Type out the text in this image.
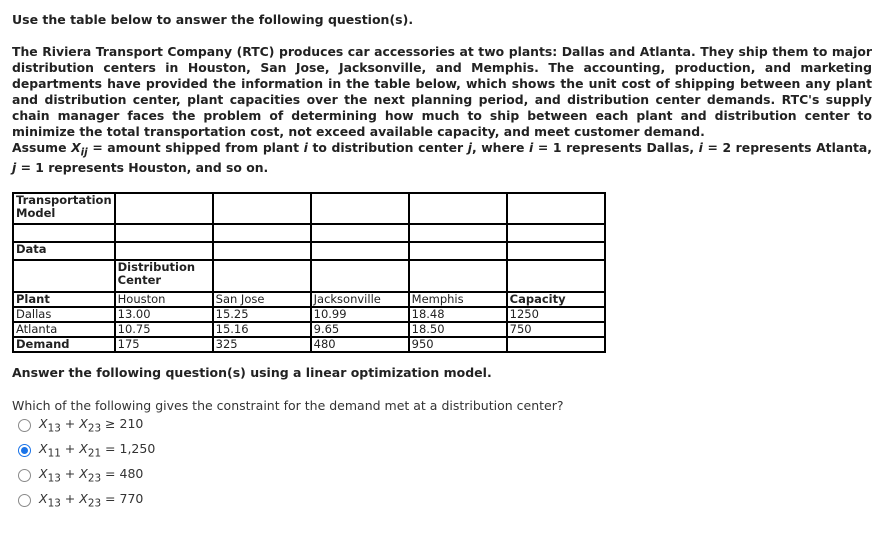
Use the table below to answer the following question(s).

The Riviera Transport Company (RTC) produces car accessories at two plants: Dallas and Atlanta. They ship them to major distribution centers in Houston, San Jose, Jacksonville, and Memphis. The accounting, production, and marketing departments have provided the information in the table below, which shows the unit cost of shipping between any plant and distribution center, plant capacities over the next planning period, and distribution center demands. RTC's supply chain manager faces the problem of determining how much to ship between each plant and distribution center to minimize the total transportation cost, not exceed available capacity, and meet customer demand.

Assume $X_{ij}$ = amount shipped from plant i to distribution center j, where i = 1 represents Dallas, i = 2 represents Atlanta, j = 1 represents Houston, and so on.
Transportation Model					

Data					
	Distribution Center				
Plant	Houston	San Jose	Jacksonville	Memphis	Capacity
Dallas	13.00	15.25	10.99	18.48	1250
Atlanta	10.75	15.16	9.65	18.50	750
Demand	175	325	480	950	
Answer the following question(s) using a linear optimization model.
Which of the following gives the constraint for the demand met at a distribution center?
$X_{13} + X_{23} \ge 210$
$X_{11} + X_{21} = 1,250$
$X_{13} + X_{23} = 480$
$X_{13} + X_{23} = 770$
